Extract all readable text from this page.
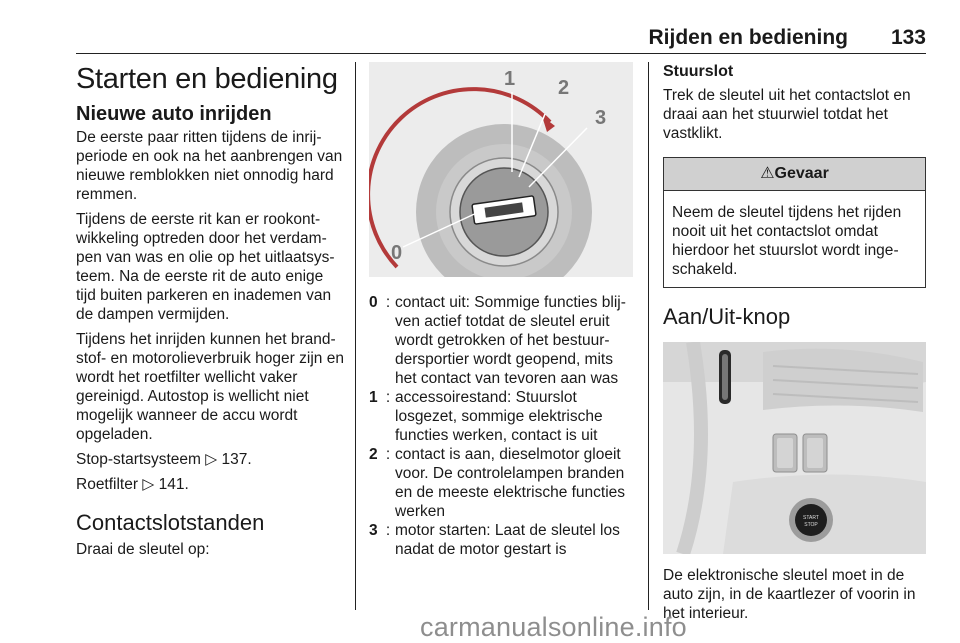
Rijden en bediening 133
Starten en bediening
Nieuwe auto inrijden

De eerste paar ritten tijdens de inrijperiode en ook na het aanbrengen van nieuwe remblokken niet onnodig hard remmen.

Tijdens de eerste rit kan er rookontwikkeling optreden door het verdampen van was en olie op het uitlaatsysteem. Na de eerste rit de auto enige tijd buiten parkeren en inademen van de dampen vermijden.

Tijdens het inrijden kunnen het brandstof- en motorolieverbruik hoger zijn en wordt het roetfilter wellicht vaker gereinigd. Autostop is wellicht niet mogelijk wanneer de accu wordt opgeladen.

Stop-startsysteem ▷ 137.

Roetfilter ▷ 141.

Contactslotstanden

Draai de sleutel op:

0
1 2
3
0 : contact uit: Sommige functies blijven actief totdat de sleutel eruit wordt getrokken of het bestuurdersportier wordt geopend, mits het contact van tevoren aan was
1 : accessoirestand: Stuurslot losgezet, sommige elektrische functies werken, contact is uit
2 : contact is aan, dieselmotor gloeit voor. De controlelampen branden en de meeste elektrische functies werken
3 : motor starten: Laat de sleutel los nadat de motor gestart is
Stuurslot

Trek de sleutel uit het contactslot en draai aan het stuurwiel totdat het vastklikt.

⚠Gevaar
Neem de sleutel tijdens het rijden nooit uit het contactslot omdat hierdoor het stuurslot wordt ingeschakeld.
Aan/Uit-knop
START
STOP

De elektronische sleutel moet in de auto zijn, in de kaartlezer of voorin in het interieur.

carmanualsonline.info
